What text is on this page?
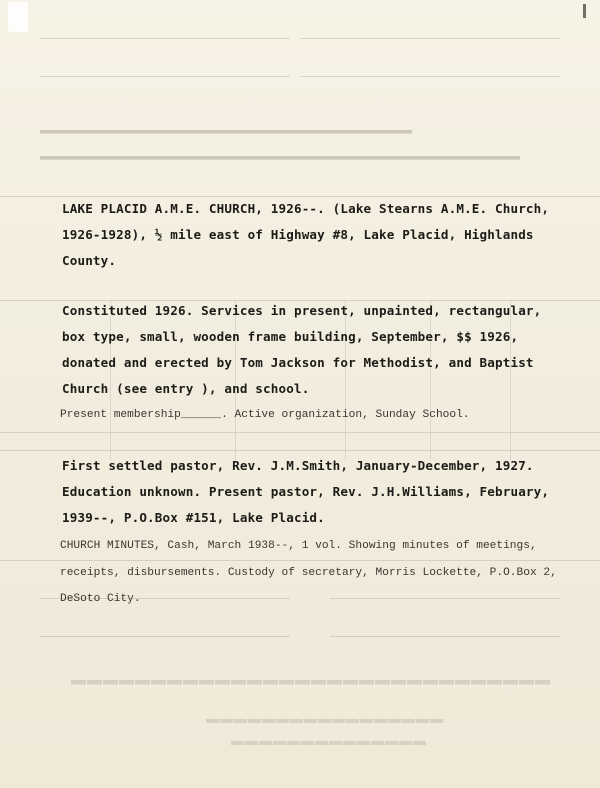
▬▬▬▬▬▬▬▬▬▬▬▬▬▬▬▬▬▬▬▬▬▬▬▬▬▬▬▬▬▬▬
▬▬▬▬▬▬▬▬▬▬▬▬▬▬▬▬▬▬▬▬▬▬▬▬▬▬▬▬▬▬▬▬▬▬▬▬▬▬▬▬
▬▬▬▬▬▬▬▬▬▬▬▬▬▬▬▬▬▬▬▬▬▬▬▬▬▬▬▬▬▬
▬▬▬▬▬▬▬▬▬▬▬▬▬▬▬▬▬
▬▬▬▬▬▬▬▬▬▬▬▬▬▬
LAKE PLACID A.M.E. CHURCH, 1926--. (Lake Stearns A.M.E. Church,
1926-1928), ½ mile east of Highway #8, Lake Placid, Highlands
County.
Constituted 1926. Services in present, unpainted, rectangular,
box type, small, wooden frame building, September, $$ 1926,
donated and erected by Tom Jackson for Methodist, and Baptist
Church (see entry ), and school.
Present membership______. Active organization, Sunday School.
First settled pastor, Rev. J.M.Smith, January-December, 1927.
Education unknown. Present pastor, Rev. J.H.Williams, February,
1939--, P.O.Box #151, Lake Placid.
CHURCH MINUTES, Cash, March 1938--, 1 vol. Showing minutes of meetings,
receipts, disbursements. Custody of secretary, Morris Lockette, P.O.Box 2,
DeSoto City.
